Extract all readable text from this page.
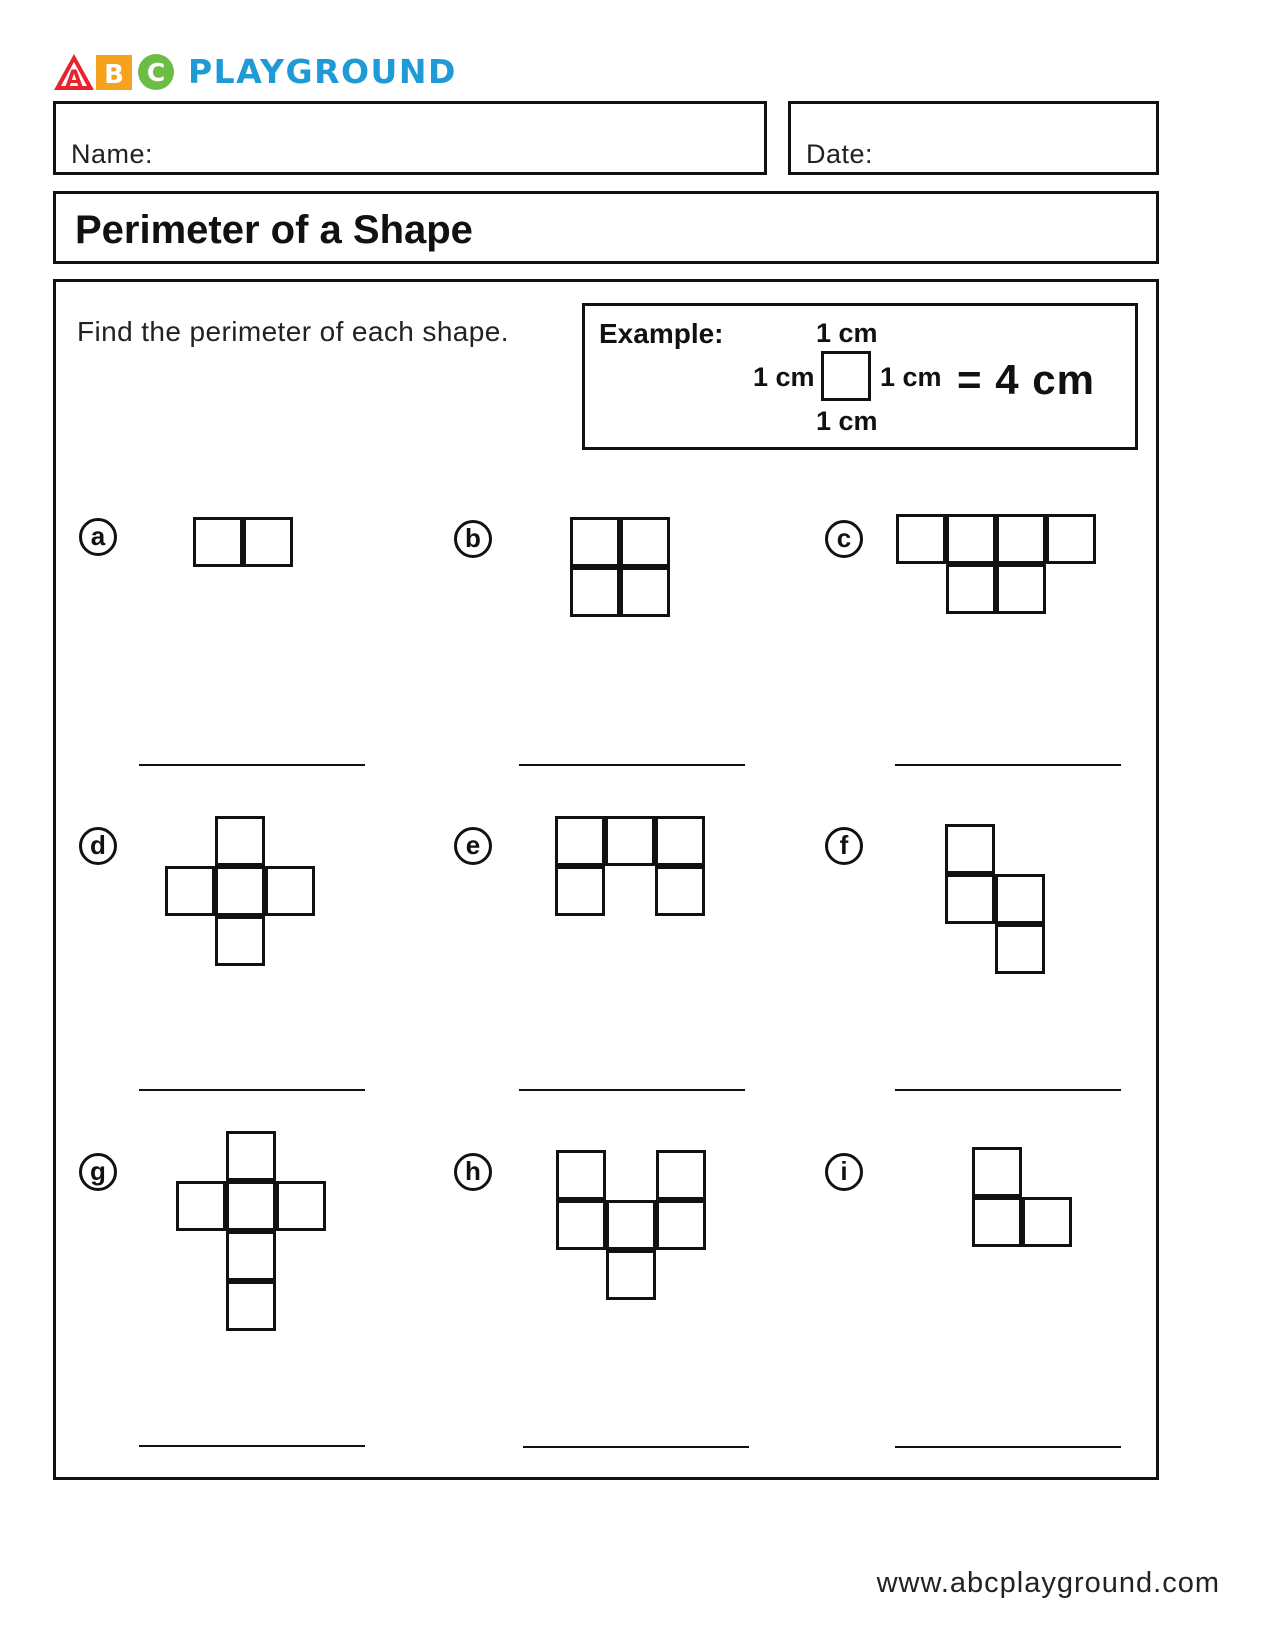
A B C PLAYGROUND
Name:	Date:
Perimeter of a Shape
Find the perimeter of each shape.	Example:	1 cm
1 cm 1 cm
1 cm
= 4 cm
a	b	c
d	e	f
g	h	i
www.abcplayground.com
